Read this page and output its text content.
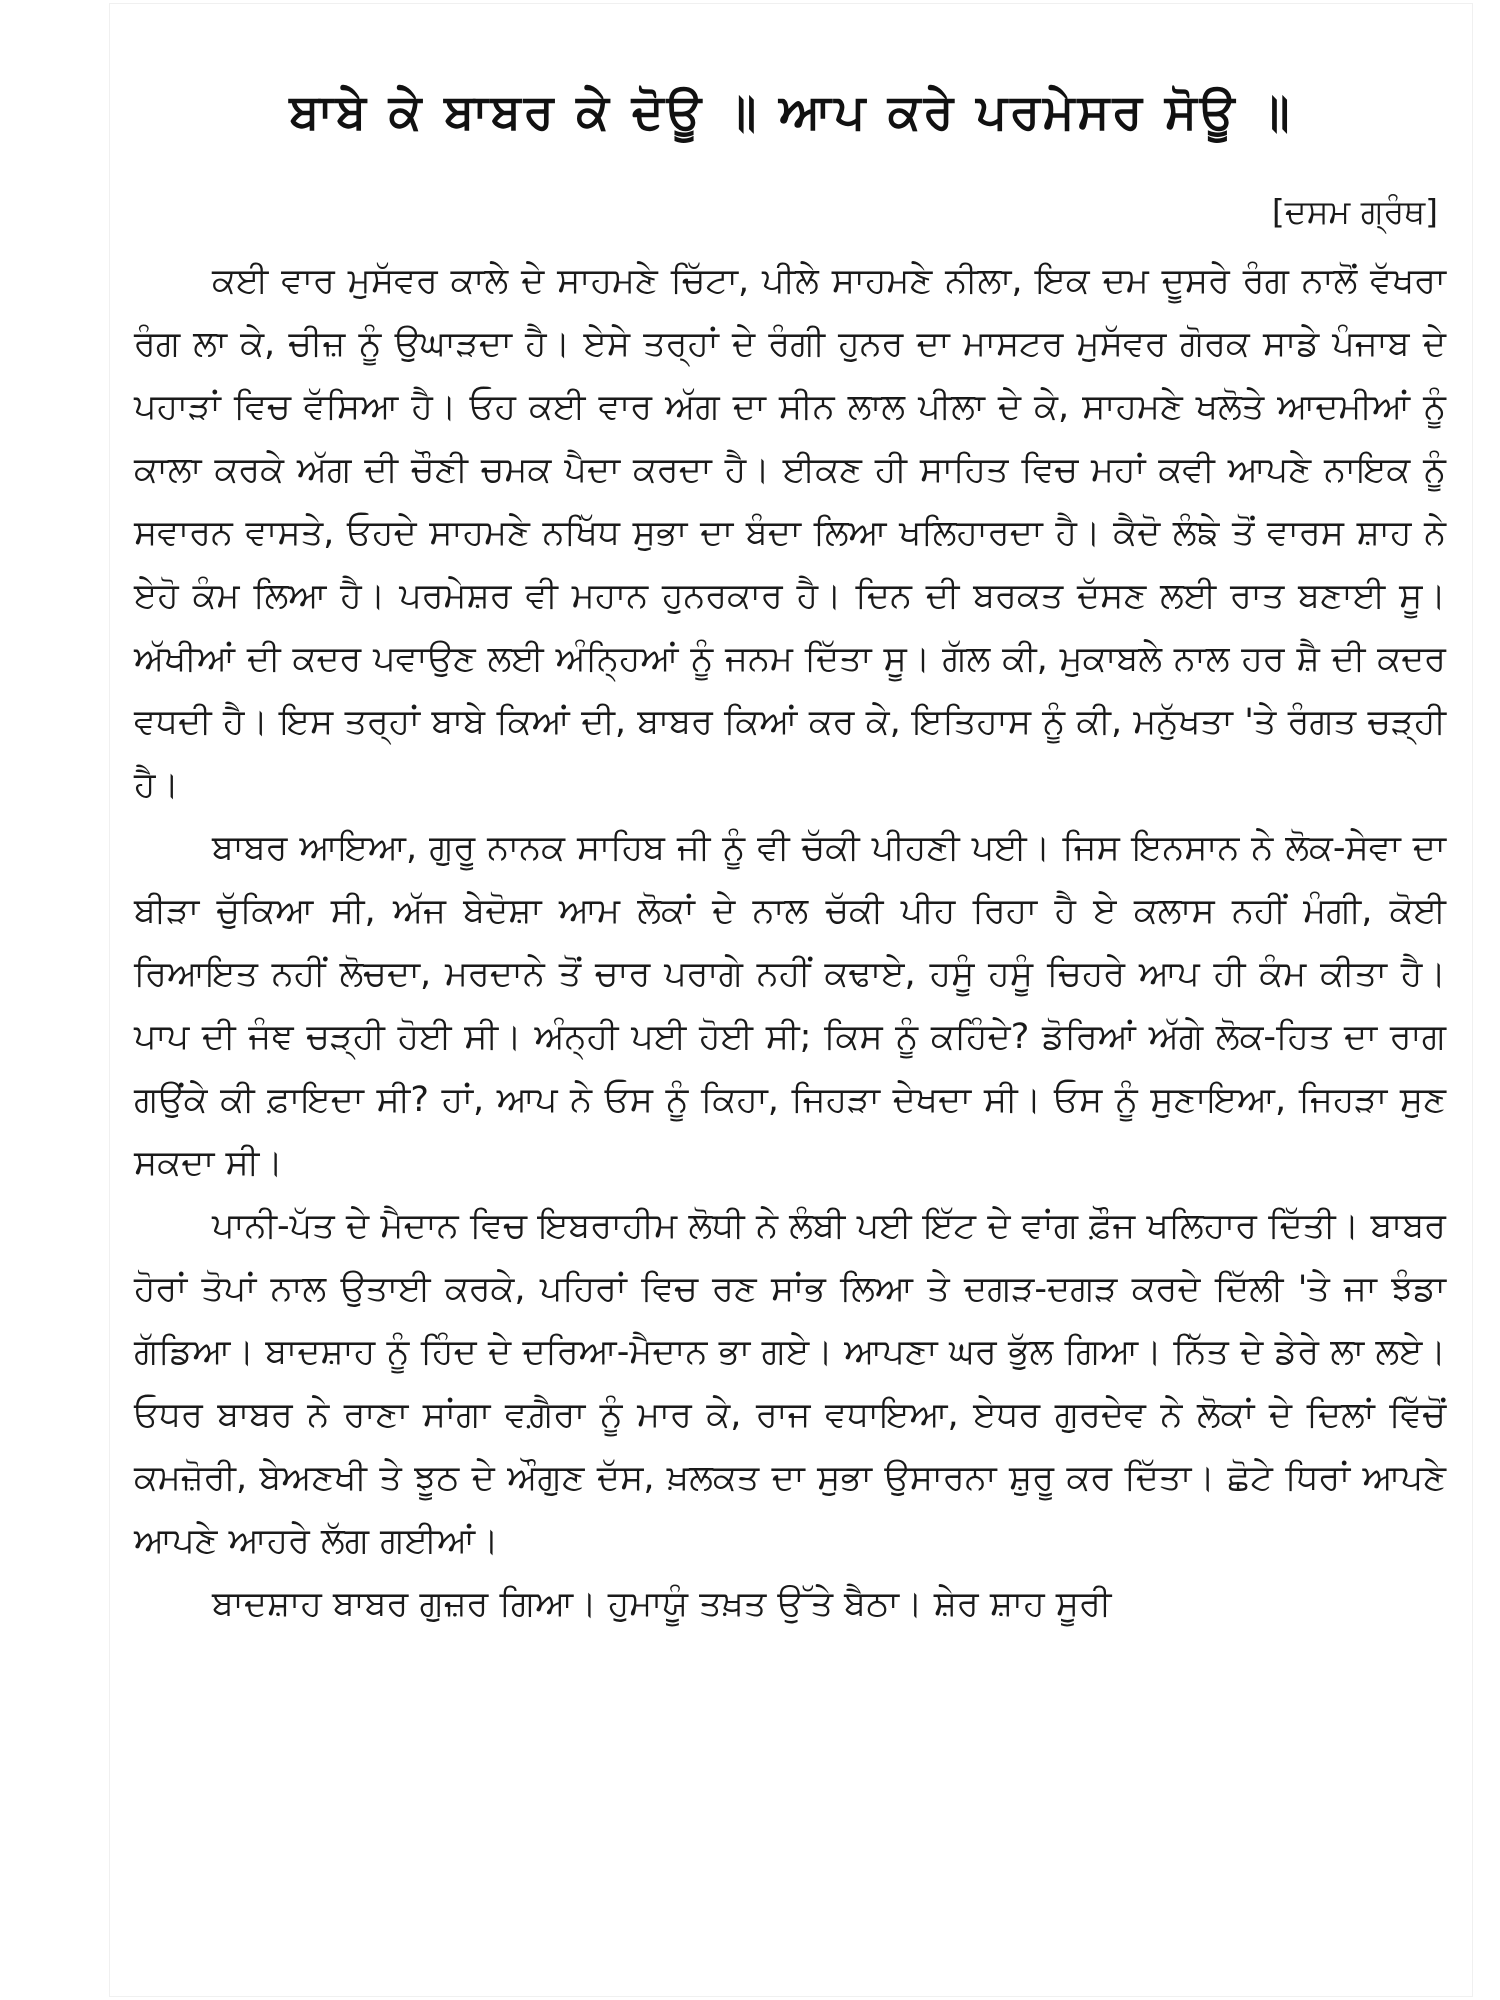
ਬਾਬੇ ਕੇ ਬਾਬਰ ਕੇ ਦੋਊ ॥ ਆਪ ਕਰੇ ਪਰਮੇਸਰ ਸੋਊ ॥
[ਦਸਮ ਗ੍ਰੰਥ]

ਕਈ ਵਾਰ ਮੁਸੱਵਰ ਕਾਲੇ ਦੇ ਸਾਹਮਣੇ ਚਿੱਟਾ, ਪੀਲੇ ਸਾਹਮਣੇ ਨੀਲਾ, ਇਕ ਦਮ ਦੂਸਰੇ ਰੰਗ ਨਾਲੋਂ ਵੱਖਰਾ ਰੰਗ ਲਾ ਕੇ, ਚੀਜ਼ ਨੂੰ ਉਘਾੜਦਾ ਹੈ। ਏਸੇ ਤਰ੍ਹਾਂ ਦੇ ਰੰਗੀ ਹੁਨਰ ਦਾ ਮਾਸਟਰ ਮੁਸੱਵਰ ਗੋਰਕ ਸਾਡੇ ਪੰਜਾਬ ਦੇ ਪਹਾੜਾਂ ਵਿਚ ਵੱਸਿਆ ਹੈ। ਓਹ ਕਈ ਵਾਰ ਅੱਗ ਦਾ ਸੀਨ ਲਾਲ ਪੀਲਾ ਦੇ ਕੇ, ਸਾਹਮਣੇ ਖਲੋਤੇ ਆਦਮੀਆਂ ਨੂੰ ਕਾਲਾ ਕਰਕੇ ਅੱਗ ਦੀ ਚੌਣੀ ਚਮਕ ਪੈਦਾ ਕਰਦਾ ਹੈ। ਈਕਣ ਹੀ ਸਾਹਿਤ ਵਿਚ ਮਹਾਂ ਕਵੀ ਆਪਣੇ ਨਾਇਕ ਨੂੰ ਸਵਾਰਨ ਵਾਸਤੇ, ਓਹਦੇ ਸਾਹਮਣੇ ਨਖਿੱਧ ਸੁਭਾ ਦਾ ਬੰਦਾ ਲਿਆ ਖਲਿਹਾਰਦਾ ਹੈ। ਕੈਦੋ ਲੰਙੇ ਤੋਂ ਵਾਰਸ ਸ਼ਾਹ ਨੇ ਏਹੋ ਕੰਮ ਲਿਆ ਹੈ। ਪਰਮੇਸ਼ਰ ਵੀ ਮਹਾਨ ਹੁਨਰਕਾਰ ਹੈ। ਦਿਨ ਦੀ ਬਰਕਤ ਦੱਸਣ ਲਈ ਰਾਤ ਬਣਾਈ ਸੂ। ਅੱਖੀਆਂ ਦੀ ਕਦਰ ਪਵਾਉਣ ਲਈ ਅੰਨ੍ਹਿਆਂ ਨੂੰ ਜਨਮ ਦਿੱਤਾ ਸੂ। ਗੱਲ ਕੀ, ਮੁਕਾਬਲੇ ਨਾਲ ਹਰ ਸ਼ੈ ਦੀ ਕਦਰ ਵਧਦੀ ਹੈ। ਇਸ ਤਰ੍ਹਾਂ ਬਾਬੇ ਕਿਆਂ ਦੀ, ਬਾਬਰ ਕਿਆਂ ਕਰ ਕੇ, ਇਤਿਹਾਸ ਨੂੰ ਕੀ, ਮਨੁੱਖਤਾ 'ਤੇ ਰੰਗਤ ਚੜ੍ਹੀ ਹੈ।

ਬਾਬਰ ਆਇਆ, ਗੁਰੂ ਨਾਨਕ ਸਾਹਿਬ ਜੀ ਨੂੰ ਵੀ ਚੱਕੀ ਪੀਹਣੀ ਪਈ। ਜਿਸ ਇਨਸਾਨ ਨੇ ਲੋਕ-ਸੇਵਾ ਦਾ ਬੀੜਾ ਚੁੱਕਿਆ ਸੀ, ਅੱਜ ਬੇਦੋਸ਼ਾ ਆਮ ਲੋਕਾਂ ਦੇ ਨਾਲ ਚੱਕੀ ਪੀਹ ਰਿਹਾ ਹੈ ਏ ਕਲਾਸ ਨਹੀਂ ਮੰਗੀ, ਕੋਈ ਰਿਆਇਤ ਨਹੀਂ ਲੋਚਦਾ, ਮਰਦਾਨੇ ਤੋਂ ਚਾਰ ਪਰਾਗੇ ਨਹੀਂ ਕਢਾਏ, ਹਸੂੰ ਹਸੂੰ ਚਿਹਰੇ ਆਪ ਹੀ ਕੰਮ ਕੀਤਾ ਹੈ। ਪਾਪ ਦੀ ਜੰਞ ਚੜ੍ਹੀ ਹੋਈ ਸੀ। ਅੰਨ੍ਹੀ ਪਈ ਹੋਈ ਸੀ; ਕਿਸ ਨੂੰ ਕਹਿੰਦੇ? ਡੋਰਿਆਂ ਅੱਗੇ ਲੋਕ-ਹਿਤ ਦਾ ਰਾਗ ਗਉਂਕੇ ਕੀ ਫ਼ਾਇਦਾ ਸੀ? ਹਾਂ, ਆਪ ਨੇ ਓਸ ਨੂੰ ਕਿਹਾ, ਜਿਹੜਾ ਦੇਖਦਾ ਸੀ। ਓਸ ਨੂੰ ਸੁਣਾਇਆ, ਜਿਹੜਾ ਸੁਣ ਸਕਦਾ ਸੀ।

ਪਾਨੀ-ਪੱਤ ਦੇ ਮੈਦਾਨ ਵਿਚ ਇਬਰਾਹੀਮ ਲੋਧੀ ਨੇ ਲੰਬੀ ਪਈ ਇੱਟ ਦੇ ਵਾਂਗ ਫ਼ੌਜ ਖਲਿਹਾਰ ਦਿੱਤੀ। ਬਾਬਰ ਹੋਰਾਂ ਤੋਪਾਂ ਨਾਲ ਉਤਾਈ ਕਰਕੇ, ਪਹਿਰਾਂ ਵਿਚ ਰਣ ਸਾਂਭ ਲਿਆ ਤੇ ਦਗੜ-ਦਗੜ ਕਰਦੇ ਦਿੱਲੀ 'ਤੇ ਜਾ ਝੰਡਾ ਗੱਡਿਆ। ਬਾਦਸ਼ਾਹ ਨੂੰ ਹਿੰਦ ਦੇ ਦਰਿਆ-ਮੈਦਾਨ ਭਾ ਗਏ। ਆਪਣਾ ਘਰ ਭੁੱਲ ਗਿਆ। ਨਿੱਤ ਦੇ ਡੇਰੇ ਲਾ ਲਏ। ਓਧਰ ਬਾਬਰ ਨੇ ਰਾਣਾ ਸਾਂਗਾ ਵਗ਼ੈਰਾ ਨੂੰ ਮਾਰ ਕੇ, ਰਾਜ ਵਧਾਇਆ, ਏਧਰ ਗੁਰਦੇਵ ਨੇ ਲੋਕਾਂ ਦੇ ਦਿਲਾਂ ਵਿੱਚੋਂ ਕਮਜ਼ੋਰੀ, ਬੇਅਣਖੀ ਤੇ ਝੂਠ ਦੇ ਔਗੁਣ ਦੱਸ, ਖ਼ਲਕਤ ਦਾ ਸੁਭਾ ਉਸਾਰਨਾ ਸ਼ੁਰੂ ਕਰ ਦਿੱਤਾ। ਛੋਟੇ ਧਿਰਾਂ ਆਪਣੇ ਆਪਣੇ ਆਹਰੇ ਲੱਗ ਗਈਆਂ।

ਬਾਦਸ਼ਾਹ ਬਾਬਰ ਗੁਜ਼ਰ ਗਿਆ। ਹੁਮਾਯੂੰ ਤਖ਼ਤ ਉੱਤੇ ਬੈਠਾ। ਸ਼ੇਰ ਸ਼ਾਹ ਸੂਰੀ
